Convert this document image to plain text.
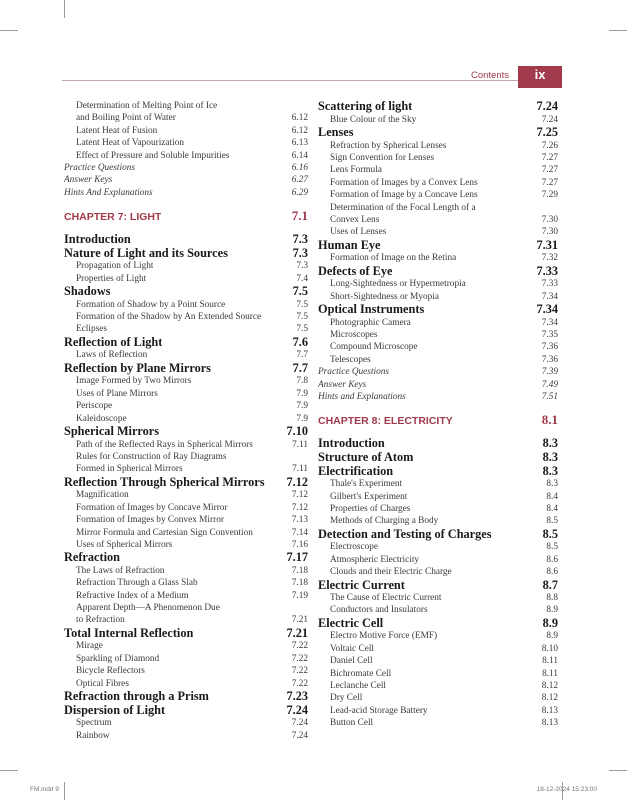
Contents	ix
Determination of Melting Point of Ice
and Boiling Point of Water	6.12
Latent Heat of Fusion	6.12
Latent Heat of Vapourization	6.13
Effect of Pressure and Soluble Impurities	6.14
Practice Questions	6.16
Answer Keys	6.27
Hints And Explanations	6.29
CHAPTER 7: LIGHT	7.1
Introduction	7.3
Nature of Light and its Sources	7.3
Propagation of Light	7.3
Properties of Light	7.4
Shadows	7.5
Formation of Shadow by a Point Source	7.5
Formation of the Shadow by An Extended Source	7.5
Eclipses	7.5
Reflection of Light	7.6
Laws of Reflection	7.7
Reflection by Plane Mirrors	7.7
Image Formed by Two Mirrors	7.8
Uses of Plane Mirrors	7.9
Periscope	7.9
Kaleidoscope	7.9
Spherical Mirrors	7.10
Path of the Reflected Rays in Spherical Mirrors	7.11
Rules for Construction of Ray Diagrams
Formed in Spherical Mirrors	7.11
Reflection Through Spherical Mirrors 7.12
Magnification	7.12
Formation of Images by Concave Mirror	7.12
Formation of Images by Convex Mirror	7.13
Mirror Formula and Cartesian Sign Convention	7.14
Uses of Spherical Mirrors	7.16
Refraction	7.17
The Laws of Refraction	7.18
Refraction Through a Glass Slab	7.18
Refractive Index of a Medium	7.19
Apparent Depth—A Phenomenon Due
to Refraction	7.21
Total Internal Reflection	7.21
Mirage	7.22
Sparkling of Diamond	7.22
Bicycle Reflectors	7.22
Optical Fibres	7.22
Refraction through a Prism	7.23
Dispersion of Light	7.24
Spectrum	7.24
Rainbow	7.24
Scattering of light	7.24
Blue Colour of the Sky	7.24
Lenses	7.25
Refraction by Spherical Lenses	7.26
Sign Convention for Lenses	7.27
Lens Formula	7.27
Formation of Images by a Convex Lens	7.27
Formation of Image by a Concave Lens	7.29
Determination of the Focal Length of a
Convex Lens	7.30
Uses of Lenses	7.30
Human Eye	7.31
Formation of Image on the Retina	7.32
Defects of Eye	7.33
Long-Sightedness or Hypermetropia	7.33
Short-Sightedness or Myopia	7.34
Optical Instruments	7.34
Photographic Camera	7.34
Microscopes	7.35
Compound Microscope	7.36
Telescopes	7.36
Practice Questions	7.39
Answer Keys	7.49
Hints and Explanations	7.51
CHAPTER 8: ELECTRICITY	8.1
Introduction	8.3
Structure of Atom	8.3
Electrification	8.3
Thale's Experiment	8.3
Gilbert's Experiment	8.4
Properties of Charges	8.4
Methods of Charging a Body	8.5
Detection and Testing of Charges	8.5
Electroscope	8.5
Atmospheric Electricity	8.6
Clouds and their Electric Charge	8.6
Electric Current	8.7
The Cause of Electric Current	8.8
Conductors and Insulators	8.9
Electric Cell	8.9
Electro Motive Force (EMF)	8.9
Voltaic Cell	8.10
Daniel Cell	8.11
Bichromate Cell	8.11
Leclanche Cell	8.12
Dry Cell	8.12
Lead-acid Storage Battery	8.13
Button Cell	8.13
FM.indd 9	18-12-2024 15:23:00
